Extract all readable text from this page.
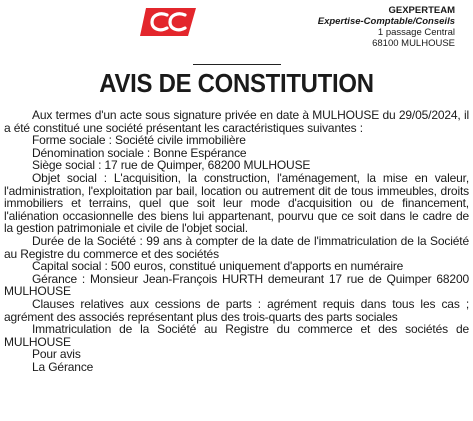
GEXPERTEAM
Expertise-Comptable/Conseils
1 passage Central
68100 MULHOUSE
AVIS DE CONSTITUTION

Aux termes d'un acte sous signature privée en date à MULHOUSE du 29/05/2024, il a été constitué une société présentant les caractéristiques suivantes :

Forme sociale : Société civile immobilière

Dénomination sociale : Bonne Espérance

Siège social : 17 rue de Quimper, 68200 MULHOUSE

Objet social : L'acquisition, la construction, l'aménagement, la mise en valeur, l'administration, l'exploitation par bail, location ou autrement dit de tous immeubles, droits immobiliers et terrains, quel que soit leur mode d'acquisition ou de financement, l'aliénation occasionnelle des biens lui appartenant, pourvu que ce soit dans le cadre de la gestion patrimoniale et civile de l'objet social.

Durée de la Société : 99 ans à compter de la date de l'immatriculation de la Société au Registre du commerce et des sociétés

Capital social : 500 euros, constitué uniquement d'apports en numéraire

Gérance : Monsieur Jean-François HURTH demeurant 17 rue de Quimper 68200 MULHOUSE

Clauses relatives aux cessions de parts : agrément requis dans tous les cas ; agrément des associés représentant plus des trois-quarts des parts sociales

Immatriculation de la Société au Registre du commerce et des sociétés de MULHOUSE

Pour avis

La Gérance
